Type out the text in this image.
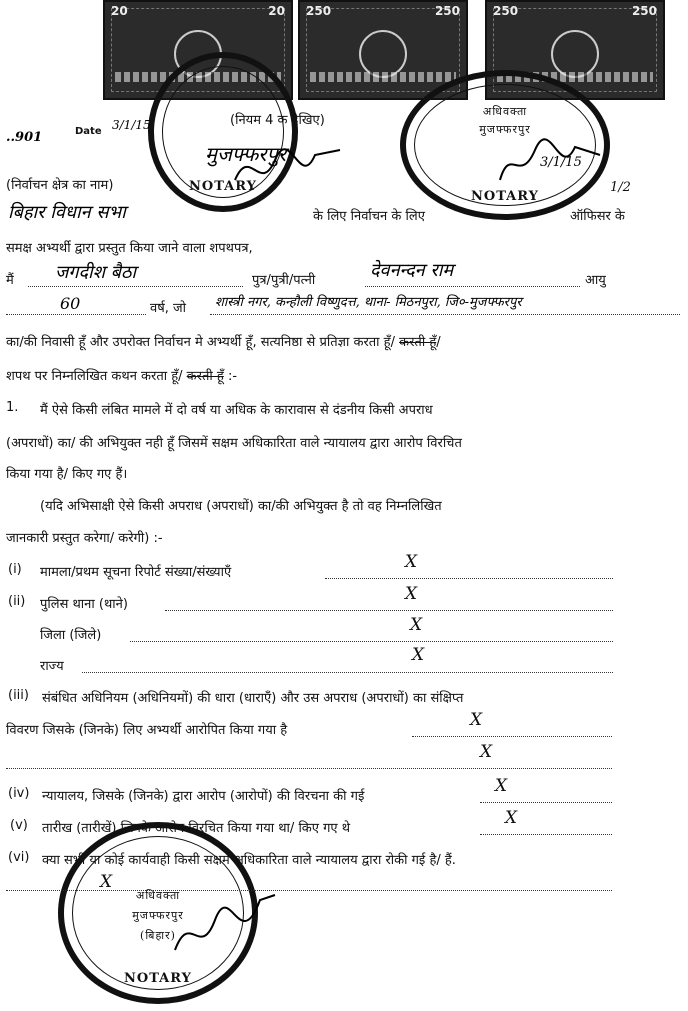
20	20 250	250	250	250
NOTARY
अधिवक्ता
मुजफ्फरपुर
NOTARY
अधिवक्ता
मुजफ्फरपुर
(बिहार)
NOTARY
..901	Date 3/1/15	(नियम 4 क देखिए)
मुजफ्फरपुर
1/2
3/1/15
(निर्वाचन क्षेत्र का नाम)
बिहार विधान सभा	के लिए निर्वाचन के लिए	ऑफिसर के
समक्ष अभ्यर्थी द्वारा प्रस्तुत किया जाने वाला शपथपत्र,
मैं जगदीश बैठा	पुत्र/पुत्री/पत्नी	देवनन्दन राम	आयु
60	वर्ष, जो शास्त्री नगर, कन्हौली विष्णुदत्त, थाना- मिठनपुरा, जि०-मुजफ्फरपुर
का/की निवासी हूँ और उपरोक्त निर्वाचन मे अभ्यर्थी हूँ, सत्यनिष्ठा से प्रतिज्ञा करता हूँ/ करती हूँ/
शपथ पर निम्नलिखित कथन करता हूँ/ करती हूँ :-
1. मैं ऐसे किसी लंबित मामले में दो वर्ष या अधिक के कारावास से दंडनीय किसी अपराध
(अपराधों) का/ की अभियुक्त नही हूँ जिसमें सक्षम अधिकारिता वाले न्यायालय द्वारा आरोप विरचित
किया गया है/ किए गए हैं।
(यदि अभिसाक्षी ऐसे किसी अपराध (अपराधों) का/की अभियुक्त है तो वह निम्नलिखित
जानकारी प्रस्तुत करेगा/ करेगी) :-
(i) मामला/प्रथम सूचना रिपोर्ट संख्या/संख्याएँ
X
(ii) पुलिस थाना (थाने)
X
जिला (जिले)
X
राज्य
X
(iii) संबंधित अधिनियम (अधिनियमों) की धारा (धाराएँ) और उस अपराध (अपराधों) का संक्षिप्त
विवरण जिसके (जिनके) लिए अभ्यर्थी आरोपित किया गया है
X
X
(iv) न्यायालय, जिसके (जिनके) द्वारा आरोप (आरोपों) की विरचना की गई
X
(v) तारीख (तारीखें) जिनके आरोप विरचित किया गया था/ किए गए थे
X
(vi) क्या सभी या कोई कार्यवाही किसी सक्षम अधिकारिता वाले न्यायालय द्वारा रोकी गई है/ हैं.
X
